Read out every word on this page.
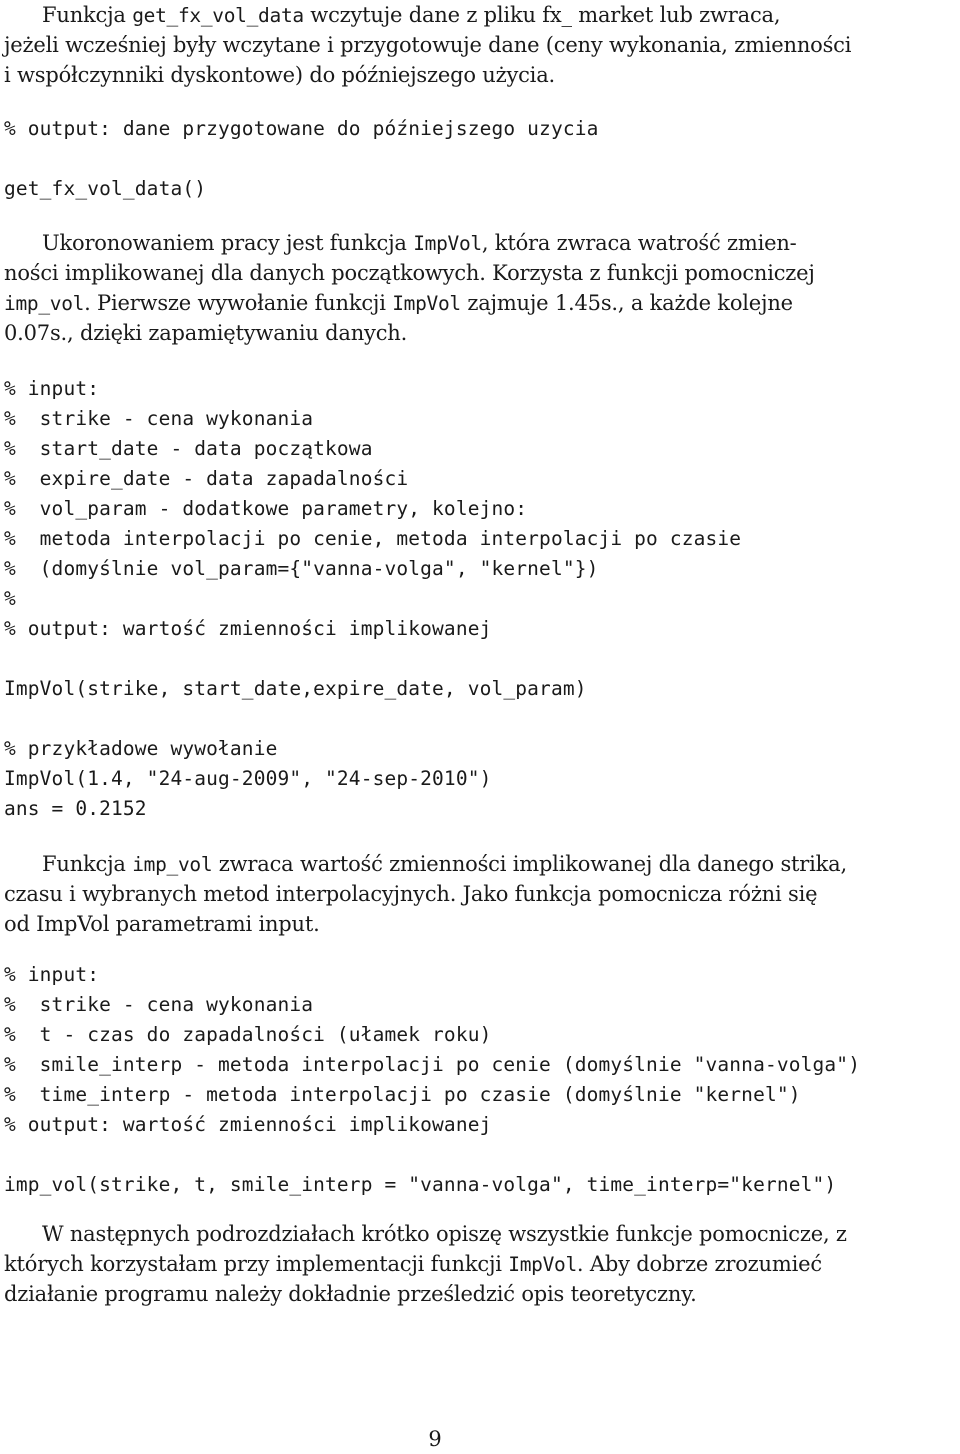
Funkcja get_fx_vol_data wczytuje dane z pliku fx_ market lub zwraca,
jeżeli wcześniej były wczytane i przygotowuje dane (ceny wykonania, zmienności
i współczynniki dyskontowe) do późniejszego użycia.
% output: dane przygotowane do późniejszego uzycia
get_fx_vol_data()
Ukoronowaniem pracy jest funkcja ImpVol, która zwraca watrość zmien-
ności implikowanej dla danych początkowych. Korzysta z funkcji pomocniczej
imp_vol. Pierwsze wywołanie funkcji ImpVol zajmuje 1.45s., a każde kolejne
0.07s., dzięki zapamiętywaniu danych.
% input:
%  strike - cena wykonania
%  start_date - data początkowa
%  expire_date - data zapadalności
%  vol_param - dodatkowe parametry, kolejno:
%  metoda interpolacji po cenie, metoda interpolacji po czasie
%  (domyślnie vol_param={"vanna-volga", "kernel"})
%
% output: wartość zmienności implikowanej
ImpVol(strike, start_date,expire_date, vol_param)
% przykładowe wywołanie
ImpVol(1.4, "24-aug-2009", "24-sep-2010")
ans = 0.2152
Funkcja imp_vol zwraca wartość zmienności implikowanej dla danego strika,
czasu i wybranych metod interpolacyjnych. Jako funkcja pomocnicza różni się
od ImpVol parametrami input.
% input:
%  strike - cena wykonania
%  t - czas do zapadalności (ułamek roku)
%  smile_interp - metoda interpolacji po cenie (domyślnie "vanna-volga")
%  time_interp - metoda interpolacji po czasie (domyślnie "kernel")
% output: wartość zmienności implikowanej
imp_vol(strike, t, smile_interp = "vanna-volga", time_interp="kernel")
W następnych podrozdziałach krótko opiszę wszystkie funkcje pomocnicze, z
których korzystałam przy implementacji funkcji ImpVol. Aby dobrze zrozumieć
działanie programu należy dokładnie prześledzić opis teoretyczny.
9
